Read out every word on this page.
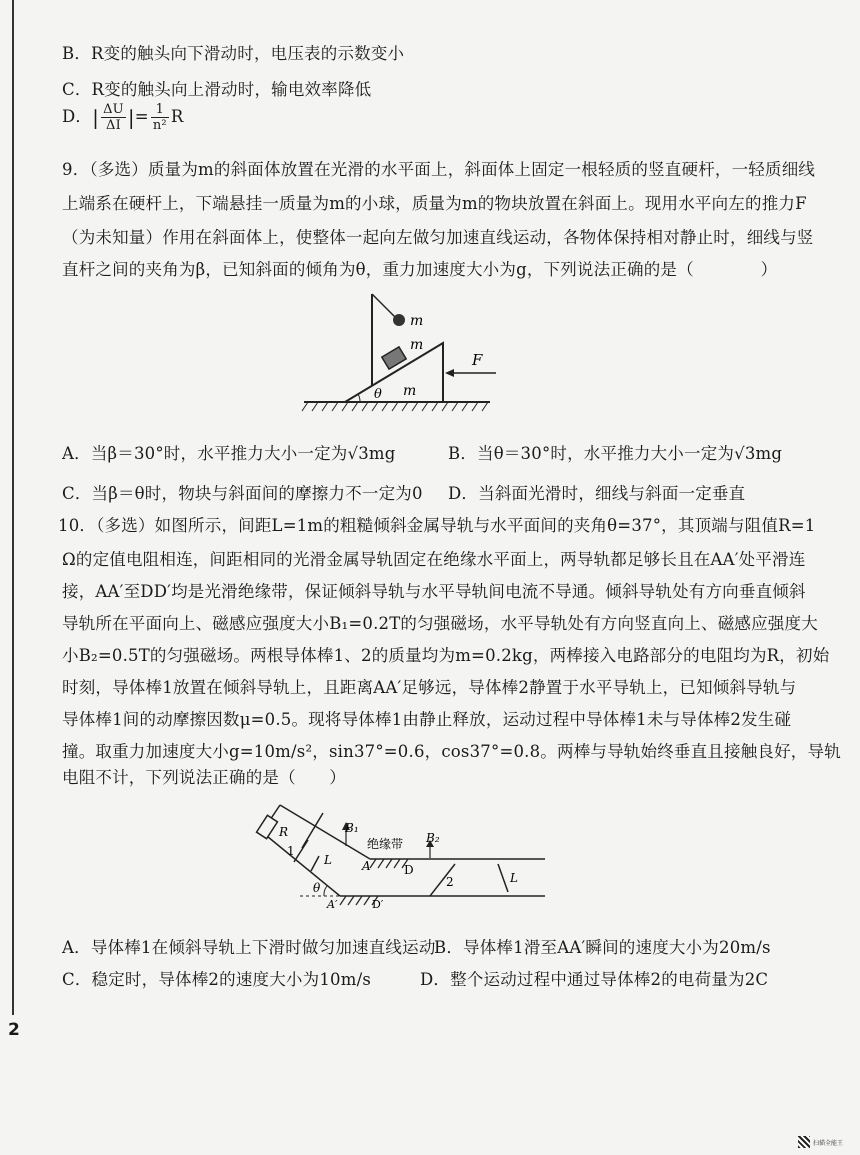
2
B．R变的触头向下滑动时，电压表的示数变小
C．R变的触头向上滑动时，输电效率降低
D．| $\frac{\Delta U}{\Delta I}$ |= $\frac{1}{\text{n²}}$ R
9．（多选）质量为m的斜面体放置在光滑的水平面上，斜面体上固定一根轻质的竖直硬杆，一轻质细线
上端系在硬杆上，下端悬挂一质量为m的小球，质量为m的物块放置在斜面上。现用水平向左的推力F
（为未知量）作用在斜面体上，使整体一起向左做匀加速直线运动，各物体保持相对静止时，细线与竖
直杆之间的夹角为β，已知斜面的倾角为θ，重力加速度大小为g，下列说法正确的是（　　　　）
m
m
m
F
θ
A．当β＝30°时，水平推力大小一定为√3mg	B．当θ＝30°时，水平推力大小一定为√3mg
C．当β＝θ时，物块与斜面间的摩擦力不一定为0 D．当斜面光滑时，细线与斜面一定垂直
10．（多选）如图所示，间距L=1m的粗糙倾斜金属导轨与水平面间的夹角θ=37°，其顶端与阻值R=1
Ω的定值电阻相连，间距相同的光滑金属导轨固定在绝缘水平面上，两导轨都足够长且在AA′处平滑连
接，AA′至DD′均是光滑绝缘带，保证倾斜导轨与水平导轨间电流不导通。倾斜导轨处有方向垂直倾斜
导轨所在平面向上、磁感应强度大小B₁=0.2T的匀强磁场，水平导轨处有方向竖直向上、磁感应强度大
小B₂=0.5T的匀强磁场。两根导体棒1、2的质量均为m=0.2kg，两棒接入电路部分的电阻均为R，初始
时刻，导体棒1放置在倾斜导轨上，且距离AA′足够远，导体棒2静置于水平导轨上，已知倾斜导轨与
导体棒1间的动摩擦因数μ=0.5。现将导体棒1由静止释放，运动过程中导体棒1未与导体棒2发生碰
撞。取重力加速度大小g=10m/s²，sin37°=0.6，cos37°=0.8。两棒与导轨始终垂直且接触良好，导轨
电阻不计，下列说法正确的是（　　）
R	B₁
B₂
绝缘带
L
L
A	D
A′	D′
θ
1
2
A．导体棒1在倾斜导轨上下滑时做匀加速直线运动
B．导体棒1滑至AA′瞬间的速度大小为20m/s
C．稳定时，导体棒2的速度大小为10m/s	D．整个运动过程中通过导体棒2的电荷量为2C
扫描全能王
